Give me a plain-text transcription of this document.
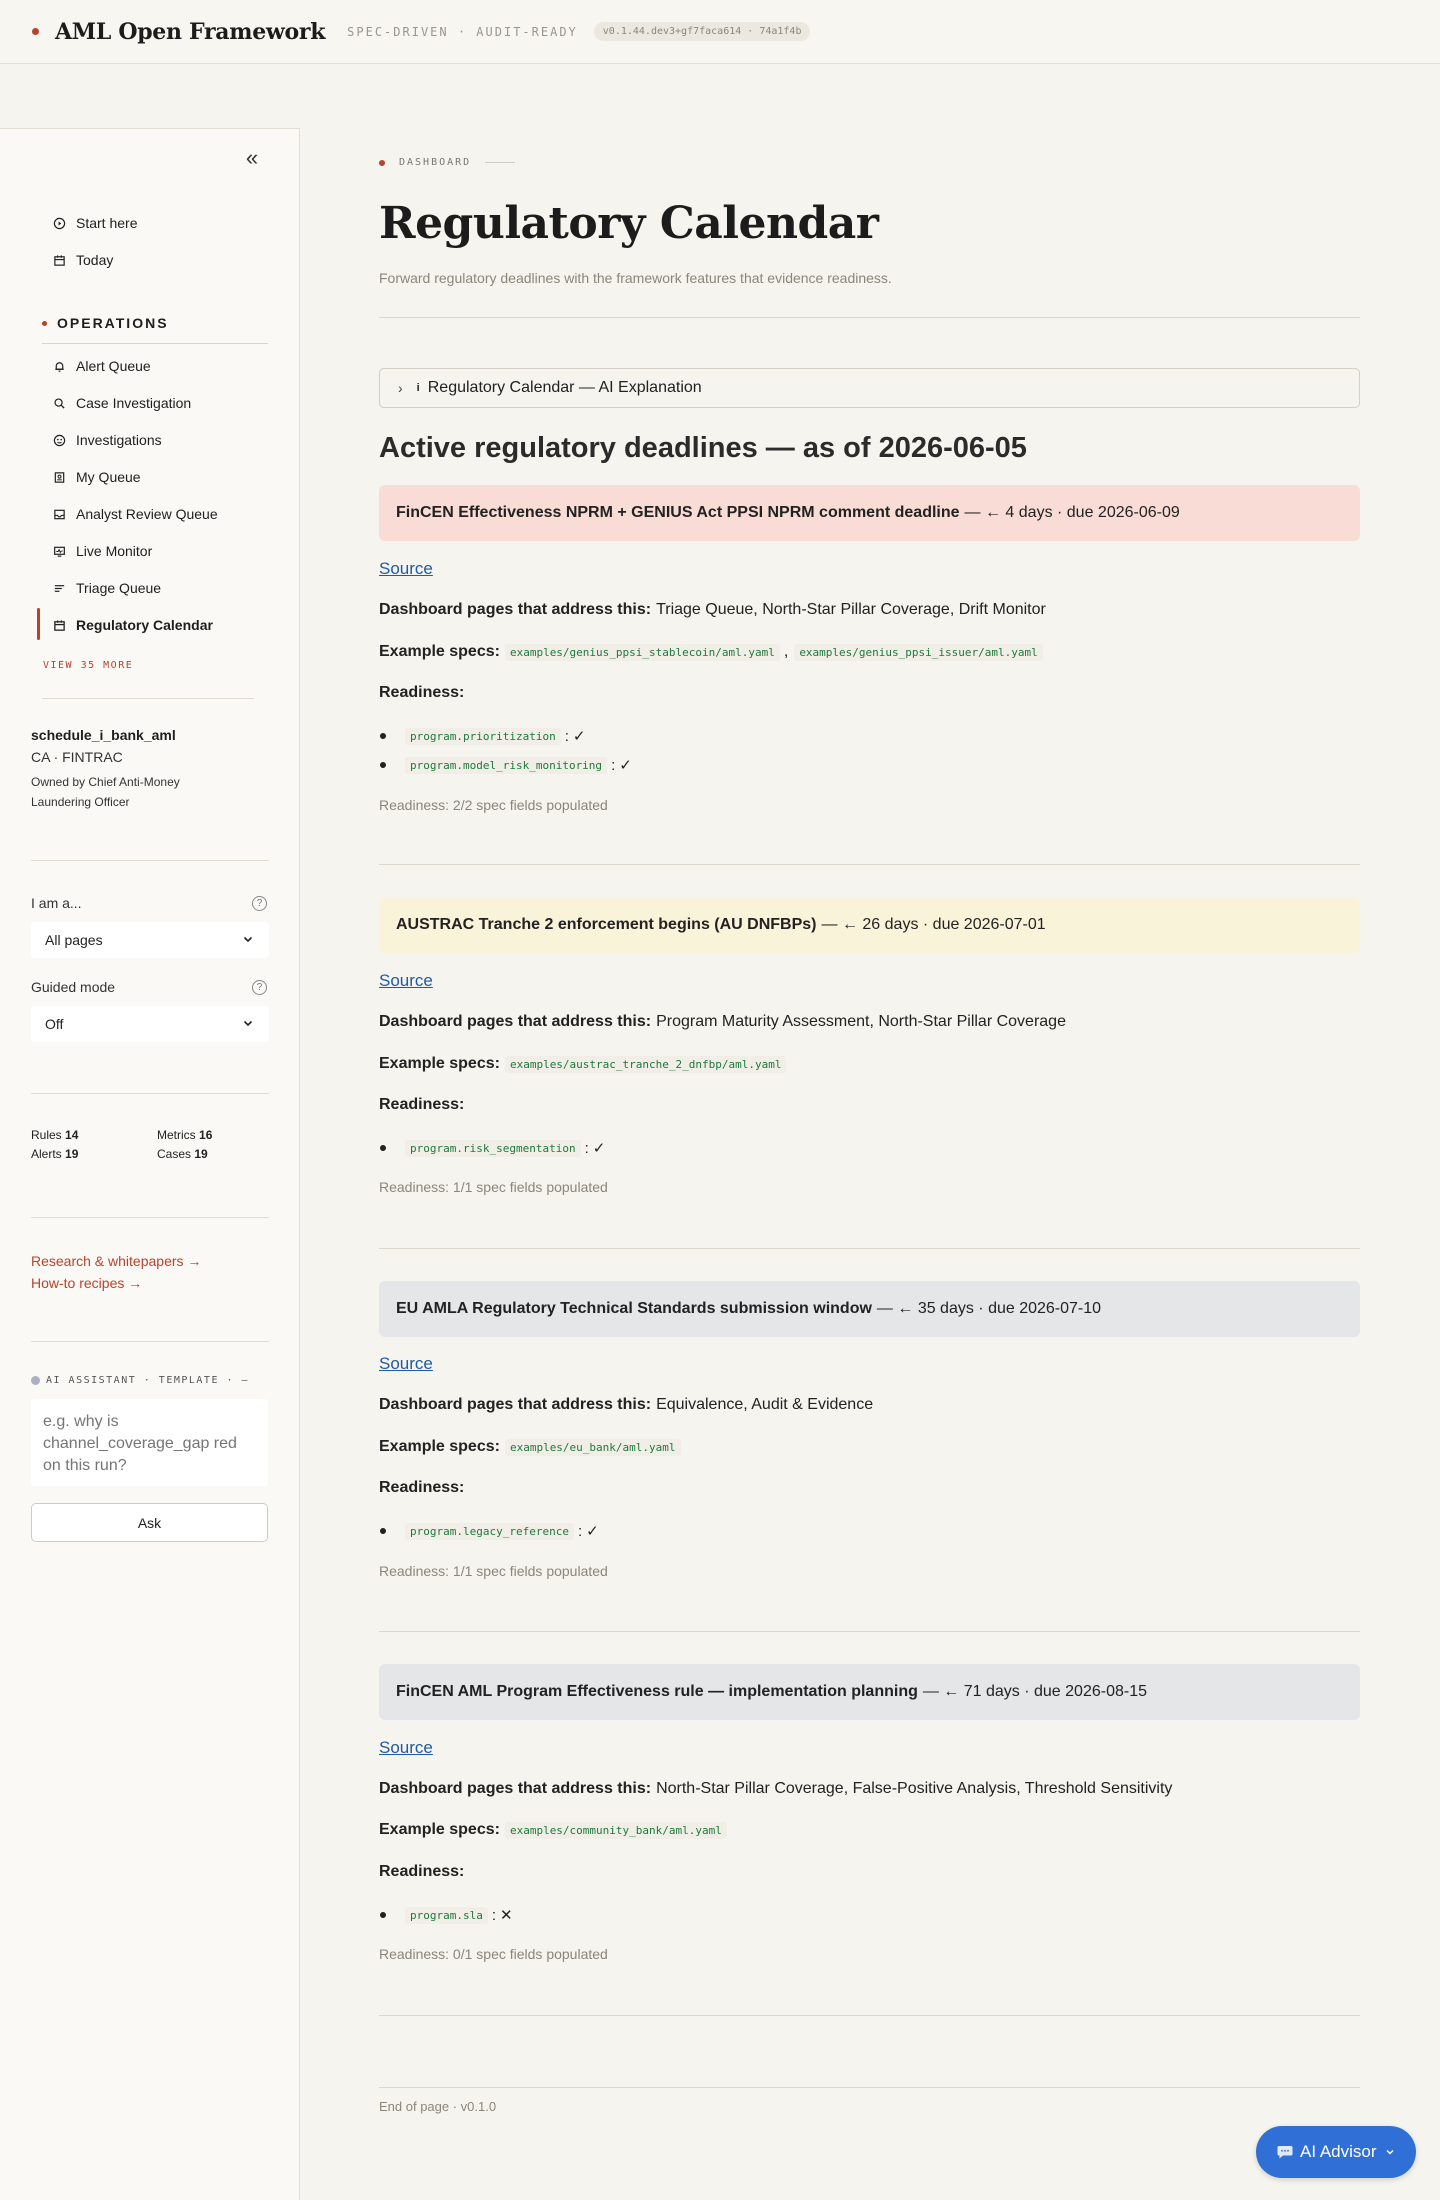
AML Open Framework SPEC-DRIVEN · AUDIT-READY	v0.1.44.dev3+gf7faca614 · 74a1f4b
«
Start here
Today
OPERATIONS
Alert Queue
Case Investigation
Investigations
My Queue
Analyst Review Queue
Live Monitor
Triage Queue
Regulatory Calendar
VIEW 35 MORE
schedule_i_bank_aml
CA · FINTRAC
Owned by Chief Anti-Money Laundering Officer
I am a...	?
All pages
Guided mode	?
Off
Rules 14	Metrics 16
Alerts 19	Cases 19
Research & whitepapers →
How-to recipes →
AI ASSISTANT · TEMPLATE · —
e.g. why is channel_coverage_gap red on this run?
Ask
DASHBOARD
Regulatory Calendar
Forward regulatory deadlines with the framework features that evidence readiness.
› i Regulatory Calendar — AI Explanation
Active regulatory deadlines — as of 2026-06-05
FinCEN Effectiveness NPRM + GENIUS Act PPSI NPRM comment deadline — ← 4 days · due 2026-06-09
Source
Dashboard pages that address this: Triage Queue, North-Star Pillar Coverage, Drift Monitor
Example specs: examples/genius_ppsi_stablecoin/aml.yaml ,	examples/genius_ppsi_issuer/aml.yaml
Readiness:
program.prioritization : ✓
program.model_risk_monitoring : ✓
Readiness: 2/2 spec fields populated
AUSTRAC Tranche 2 enforcement begins (AU DNFBPs) — ← 26 days · due 2026-07-01
Source
Dashboard pages that address this: Program Maturity Assessment, North-Star Pillar Coverage
Example specs: examples/austrac_tranche_2_dnfbp/aml.yaml
Readiness:
program.risk_segmentation : ✓
Readiness: 1/1 spec fields populated
EU AMLA Regulatory Technical Standards submission window — ← 35 days · due 2026-07-10
Source
Dashboard pages that address this: Equivalence, Audit & Evidence
Example specs: examples/eu_bank/aml.yaml
Readiness:
program.legacy_reference : ✓
Readiness: 1/1 spec fields populated
FinCEN AML Program Effectiveness rule — implementation planning — ← 71 days · due 2026-08-15
Source
Dashboard pages that address this: North-Star Pillar Coverage, False-Positive Analysis, Threshold Sensitivity
Example specs: examples/community_bank/aml.yaml
Readiness:
program.sla : ✕
Readiness: 0/1 spec fields populated
End of page · v0.1.0
AI Advisor
